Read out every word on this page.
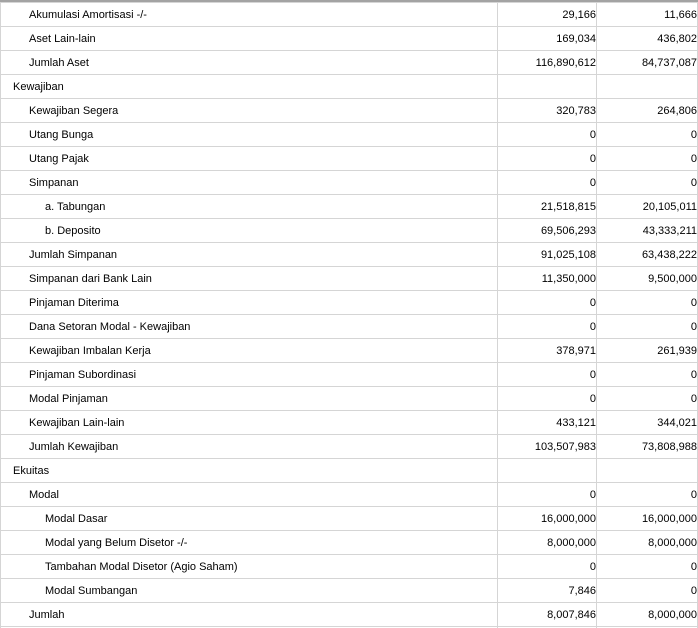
Akumulasi Amortisasi -/-	29,166	11,666
Aset Lain-lain	169,034	436,802
Jumlah Aset	116,890,612	84,737,087
Kewajiban		
Kewajiban Segera	320,783	264,806
Utang Bunga	0	0
Utang Pajak	0	0
Simpanan	0	0
a. Tabungan	21,518,815	20,105,011
b. Deposito	69,506,293	43,333,211
Jumlah Simpanan	91,025,108	63,438,222
Simpanan dari Bank Lain	11,350,000	9,500,000
Pinjaman Diterima	0	0
Dana Setoran Modal - Kewajiban	0	0
Kewajiban Imbalan Kerja	378,971	261,939
Pinjaman Subordinasi	0	0
Modal Pinjaman	0	0
Kewajiban Lain-lain	433,121	344,021
Jumlah Kewajiban	103,507,983	73,808,988
Ekuitas		
Modal	0	0
Modal Dasar	16,000,000	16,000,000
Modal yang Belum Disetor -/-	8,000,000	8,000,000
Tambahan Modal Disetor (Agio Saham)	0	0
Modal Sumbangan	7,846	0
Jumlah	8,007,846	8,000,000
